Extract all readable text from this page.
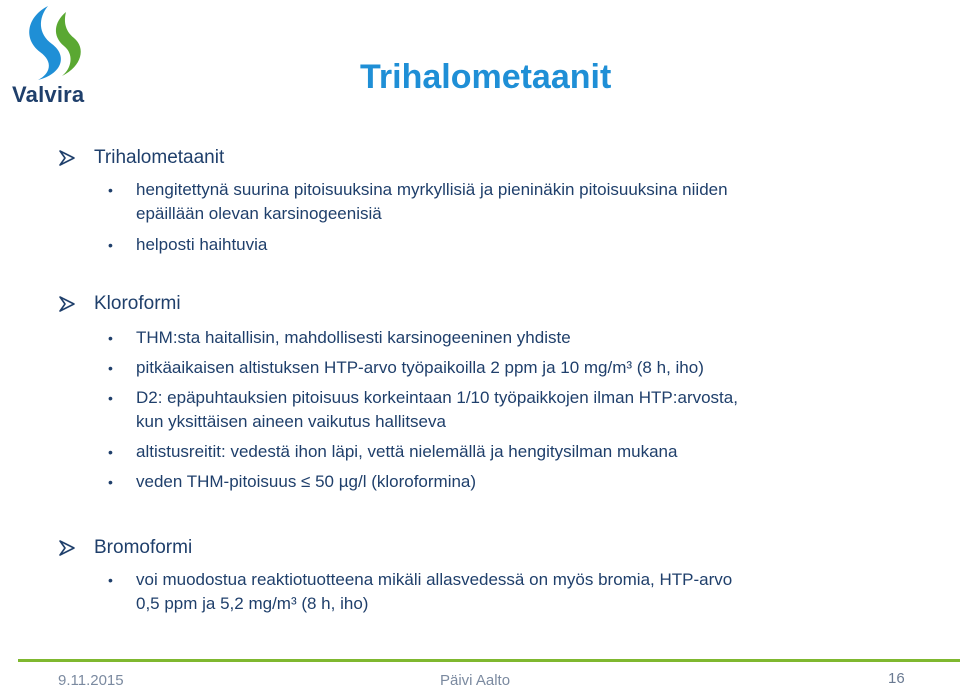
Valvira	Trihalometaanit
Trihalometaanit
• hengitettynä suurina pitoisuuksina myrkyllisiä ja pieninäkin pitoisuuksina niiden
epäillään olevan karsinogeenisiä
• helposti haihtuvia
Kloroformi
• THM:sta haitallisin, mahdollisesti karsinogeeninen yhdiste
• pitkäaikaisen altistuksen HTP-arvo työpaikoilla 2 ppm ja 10 mg/m³ (8 h, iho)
• D2: epäpuhtauksien pitoisuus korkeintaan 1/10 työpaikkojen ilman HTP:arvosta,
kun yksittäisen aineen vaikutus hallitseva
• altistusreitit: vedestä ihon läpi, vettä nielemällä ja hengitysilman mukana
• veden THM-pitoisuus ≤ 50 µg/l (kloroformina)
Bromoformi
• voi muodostua reaktiotuotteena mikäli allasvedessä on myös bromia, HTP-arvo
0,5 ppm ja 5,2 mg/m³ (8 h, iho)
9.11.2015	Päivi Aalto	16
